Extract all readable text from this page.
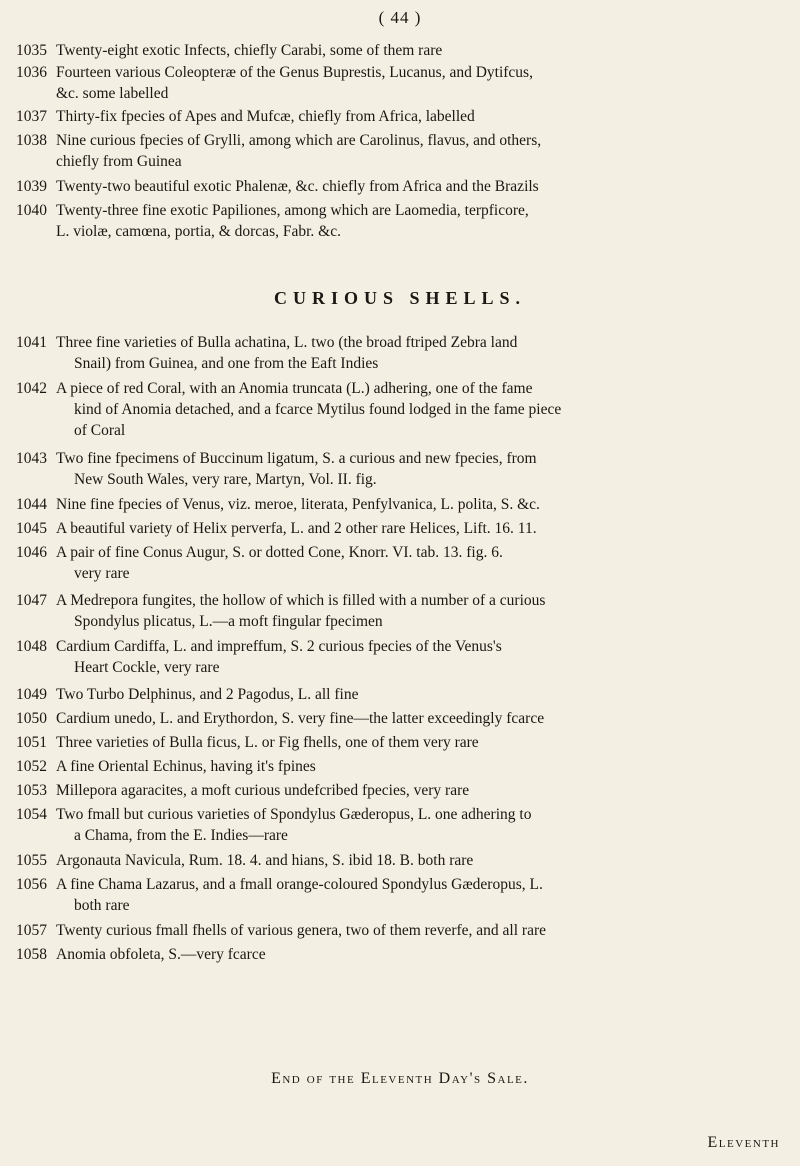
( 44 )
1035 Twenty-eight exotic Infects, chiefly Carabi, some of them rare
1036 Fourteen various Coleopteræ of the Genus Buprestis, Lucanus, and Dytifcus,
&c. some labelled
1037 Thirty-fix fpecies of Apes and Mufcæ, chiefly from Africa, labelled
1038 Nine curious fpecies of Grylli, among which are Carolinus, flavus, and others,
chiefly from Guinea
1039 Twenty-two beautiful exotic Phalenæ, &c. chiefly from Africa and the Brazils
1040 Twenty-three fine exotic Papiliones, among which are Laomedia, terpficore,
L. violæ, camœna, portia, & dorcas, Fabr. &c.
CURIOUS SHELLS.
1041 Three fine varieties of Bulla achatina, L. two (the broad ftriped Zebra land
Snail) from Guinea, and one from the Eaft Indies
1042 A piece of red Coral, with an Anomia truncata (L.) adhering, one of the fame
kind of Anomia detached, and a fcarce Mytilus found lodged in the fame piece
of Coral
1043 Two fine fpecimens of Buccinum ligatum, S. a curious and new fpecies, from
New South Wales, very rare, Martyn, Vol. II. fig.
1044 Nine fine fpecies of Venus, viz. meroe, literata, Penfylvanica, L. polita, S. &c.
1045 A beautiful variety of Helix perverfa, L. and 2 other rare Helices, Lift. 16. 11.
1046 A pair of fine Conus Augur, S. or dotted Cone, Knorr. VI. tab. 13. fig. 6.
very rare
1047 A Medrepora fungites, the hollow of which is filled with a number of a curious
Spondylus plicatus, L.—a moft fingular fpecimen
1048 Cardium Cardiffa, L. and impreffum, S. 2 curious fpecies of the Venus's
Heart Cockle, very rare
1049 Two Turbo Delphinus, and 2 Pagodus, L. all fine
1050 Cardium unedo, L. and Erythordon, S. very fine—the latter exceedingly fcarce
1051 Three varieties of Bulla ficus, L. or Fig fhells, one of them very rare
1052 A fine Oriental Echinus, having it's fpines
1053 Millepora agaracites, a moft curious undefcribed fpecies, very rare
1054 Two fmall but curious varieties of Spondylus Gæderopus, L. one adhering to
a Chama, from the E. Indies—rare
1055 Argonauta Navicula, Rum. 18. 4. and hians, S. ibid 18. B. both rare
1056 A fine Chama Lazarus, and a fmall orange-coloured Spondylus Gæderopus, L.
both rare
1057 Twenty curious fmall fhells of various genera, two of them reverfe, and all rare
1058 Anomia obfoleta, S.—very fcarce
End of the Eleventh Day's Sale.
Eleventh
